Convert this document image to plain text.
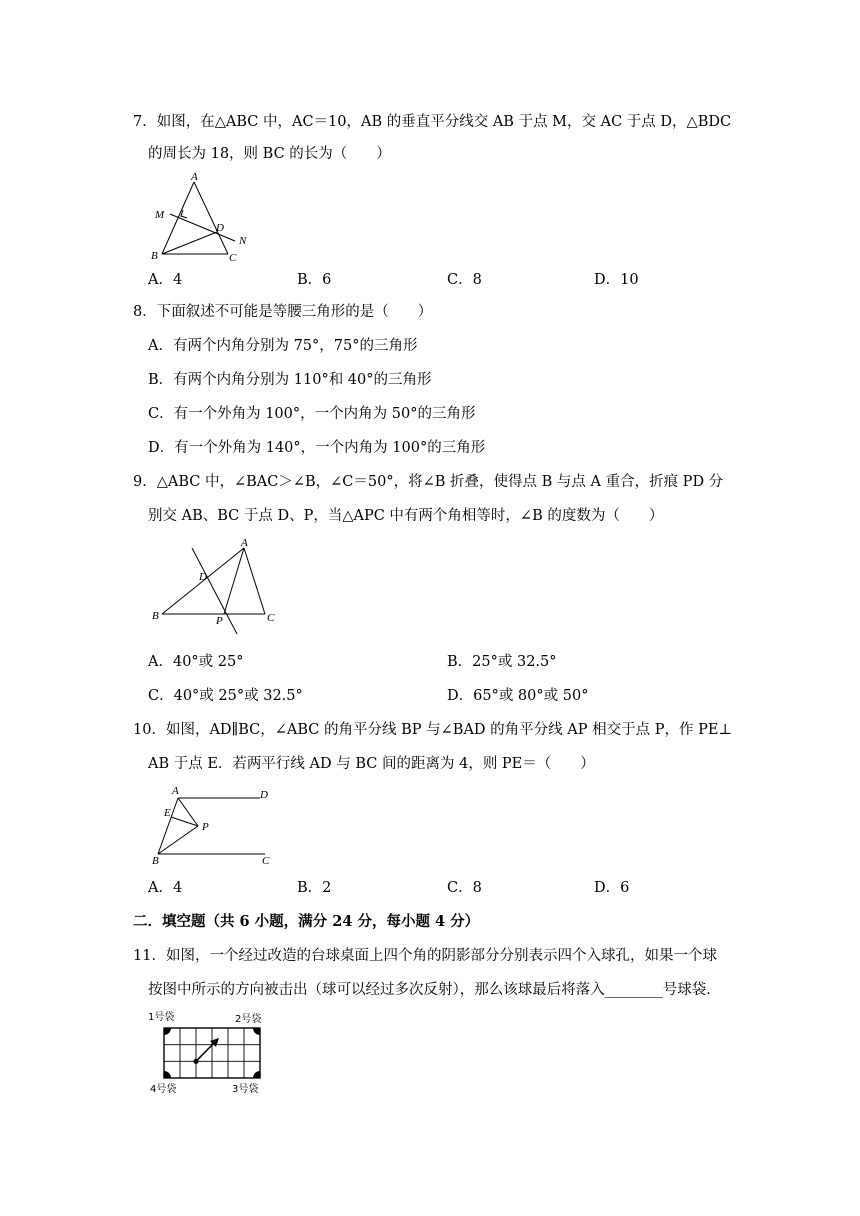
7．如图，在△ABC 中，AC＝10，AB 的垂直平分线交 AB 于点 M，交 AC 于点 D，△BDC
的周长为 18，则 BC 的长为（　　）
A
M
D
N
B	C
A．4	B．6	C．8	D．10
8．下面叙述不可能是等腰三角形的是（　　）
A．有两个内角分别为 75°，75°的三角形
B．有两个内角分别为 110°和 40°的三角形
C．有一个外角为 100°，一个内角为 50°的三角形
D．有一个外角为 140°，一个内角为 100°的三角形
9．△ABC 中，∠BAC＞∠B，∠C＝50°，将∠B 折叠，使得点 B 与点 A 重合，折痕 PD 分
别交 AB、BC 于点 D、P，当△APC 中有两个角相等时，∠B 的度数为（　　）
A
D
B	P	C
A．40°或 25°	B．25°或 32.5°
C．40°或 25°或 32.5°	D．65°或 80°或 50°
10．如图，AD∥BC，∠ABC 的角平分线 BP 与∠BAD 的角平分线 AP 相交于点 P，作 PE⊥
AB 于点 E．若两平行线 AD 与 BC 间的距离为 4，则 PE＝（　　）
A	D
E
P
B	C
A．4	B．2	C．8	D．6
二．填空题（共 6 小题，满分 24 分，每小题 4 分）
11．如图，一个经过改造的台球桌面上四个角的阴影部分分别表示四个入球孔，如果一个球
按图中所示的方向被击出（球可以经过多次反射），那么该球最后将落入________号球袋．
1号袋	2号袋
4号袋	3号袋
